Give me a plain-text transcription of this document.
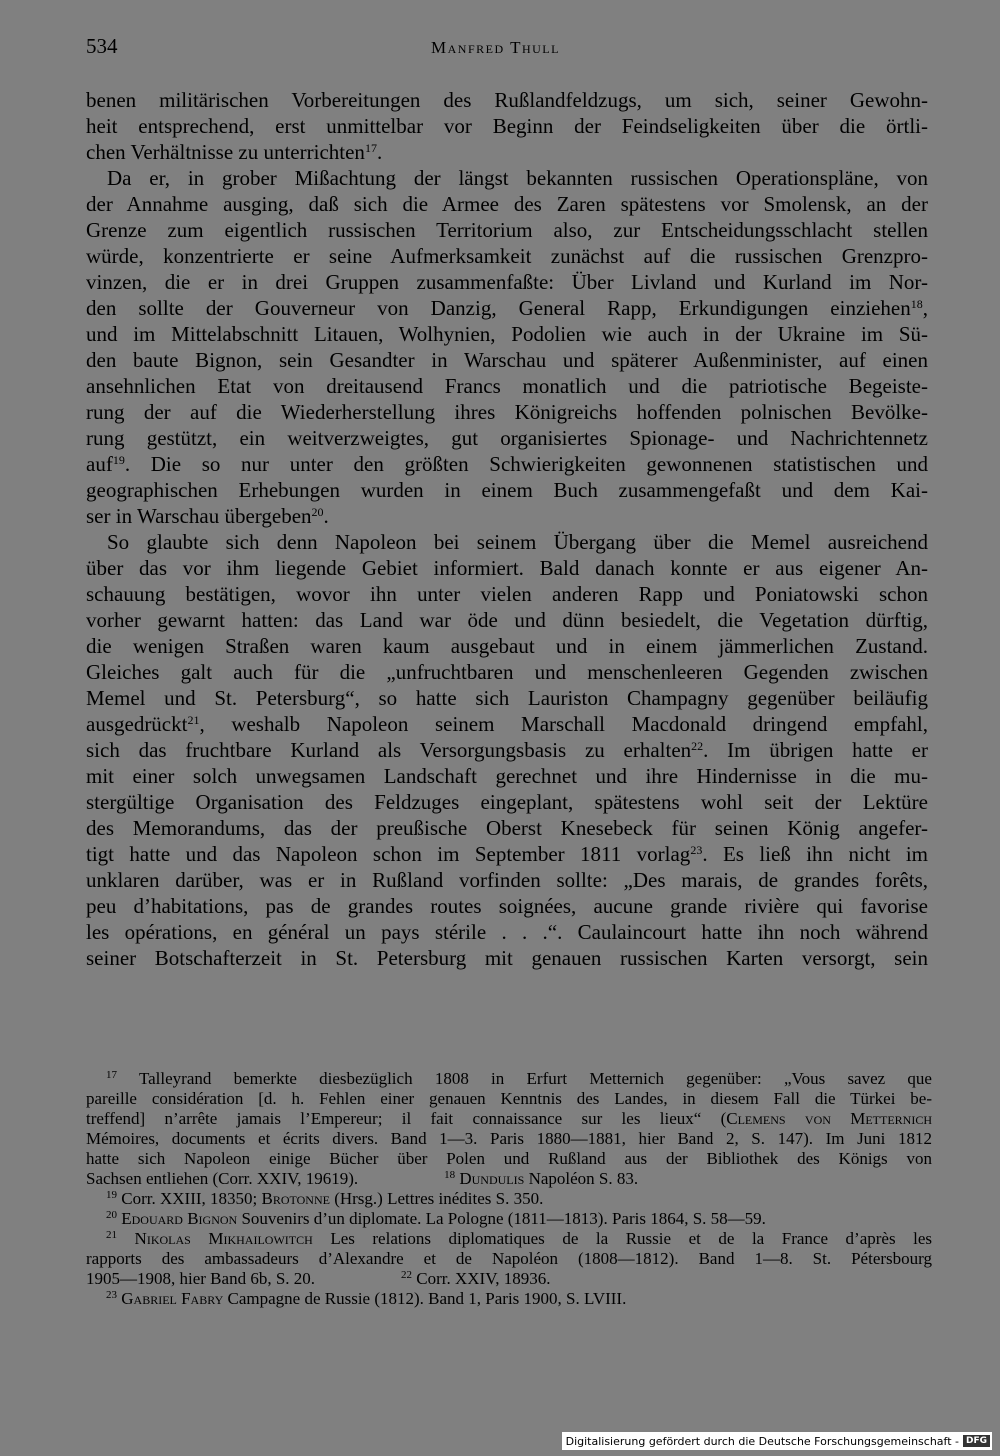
534	Manfred Thull

benen militärischen Vorbereitungen des Rußlandfeldzugs, um sich, seiner Gewohn-
heit entsprechend, erst unmittelbar vor Beginn der Feindseligkeiten über die örtli-
chen Verhältnisse zu unterrichten$^{17}$.

Da er, in grober Mißachtung der längst bekannten russischen Operationspläne, von
der Annahme ausging, daß sich die Armee des Zaren spätestens vor Smolensk, an der
Grenze zum eigentlich russischen Territorium also, zur Entscheidungsschlacht stellen
würde, konzentrierte er seine Aufmerksamkeit zunächst auf die russischen Grenzpro-
vinzen, die er in drei Gruppen zusammenfaßte: Über Livland und Kurland im Nor-
den sollte der Gouverneur von Danzig, General Rapp, Erkundigungen einziehen$^{18}$,
und im Mittelabschnitt Litauen, Wolhynien, Podolien wie auch in der Ukraine im Sü-
den baute Bignon, sein Gesandter in Warschau und späterer Außenminister, auf einen
ansehnlichen Etat von dreitausend Francs monatlich und die patriotische Begeiste-
rung der auf die Wiederherstellung ihres Königreichs hoffenden polnischen Bevölke-
rung gestützt, ein weitverzweigtes, gut organisiertes Spionage- und Nachrichtennetz
auf$^{19}$. Die so nur unter den größten Schwierigkeiten gewonnenen statistischen und
geographischen Erhebungen wurden in einem Buch zusammengefaßt und dem Kai-
ser in Warschau übergeben$^{20}$.

So glaubte sich denn Napoleon bei seinem Übergang über die Memel ausreichend
über das vor ihm liegende Gebiet informiert. Bald danach konnte er aus eigener An-
schauung bestätigen, wovor ihn unter vielen anderen Rapp und Poniatowski schon
vorher gewarnt hatten: das Land war öde und dünn besiedelt, die Vegetation dürftig,
die wenigen Straßen waren kaum ausgebaut und in einem jämmerlichen Zustand.
Gleiches galt auch für die „unfruchtbaren und menschenleeren Gegenden zwischen
Memel und St. Petersburg“, so hatte sich Lauriston Champagny gegenüber beiläufig
ausgedrückt$^{21}$, weshalb Napoleon seinem Marschall Macdonald dringend empfahl,
sich das fruchtbare Kurland als Versorgungsbasis zu erhalten$^{22}$. Im übrigen hatte er
mit einer solch unwegsamen Landschaft gerechnet und ihre Hindernisse in die mu-
stergültige Organisation des Feldzuges eingeplant, spätestens wohl seit der Lektüre
des Memorandums, das der preußische Oberst Knesebeck für seinen König angefer-
tigt hatte und das Napoleon schon im September 1811 vorlag$^{23}$. Es ließ ihn nicht im
unklaren darüber, was er in Rußland vorfinden sollte: „Des marais, de grandes forêts,
peu d’habitations, pas de grandes routes soignées, aucune grande rivière qui favorise
les opérations, en général un pays stérile . . .“. Caulaincourt hatte ihn noch während
seiner Botschafterzeit in St. Petersburg mit genauen russischen Karten versorgt, sein

$^{17}$ Talleyrand bemerkte diesbezüglich 1808 in Erfurt Metternich gegenüber: „Vous savez que
pareille considération [d. h. Fehlen einer genauen Kenntnis des Landes, in diesem Fall die Türkei be-
treffend] n’arrête jamais l’Empereur; il fait connaissance sur les lieux“ (Clemens von Metternich
Mémoires, documents et écrits divers. Band 1—3. Paris 1880—1881, hier Band 2, S. 147). Im Juni 1812
hatte sich Napoleon einige Bücher über Polen und Rußland aus der Bibliothek des Königs von
Sachsen entliehen (Corr. XXIV, 19619).	$^{18}$ Dundulis Napoléon S. 83.

$^{19}$ Corr. XXIII, 18350; Brotonne (Hrsg.) Lettres inédites S. 350.

$^{20}$ Edouard Bignon Souvenirs d’un diplomate. La Pologne (1811—1813). Paris 1864, S. 58—59.

$^{21}$ Nikolas Mikhailowitch Les relations diplomatiques de la Russie et de la France d’après les
rapports des ambassadeurs d’Alexandre et de Napoléon (1808—1812). Band 1—8. St. Pétersbourg
1905—1908, hier Band 6b, S. 20.	$^{22}$ Corr. XXIV, 18936.

$^{23}$ Gabriel Fabry Campagne de Russie (1812). Band 1, Paris 1900, S. LVIII.

Digitalisierung gefördert durch die Deutsche Forschungsgemeinschaft - DFG
